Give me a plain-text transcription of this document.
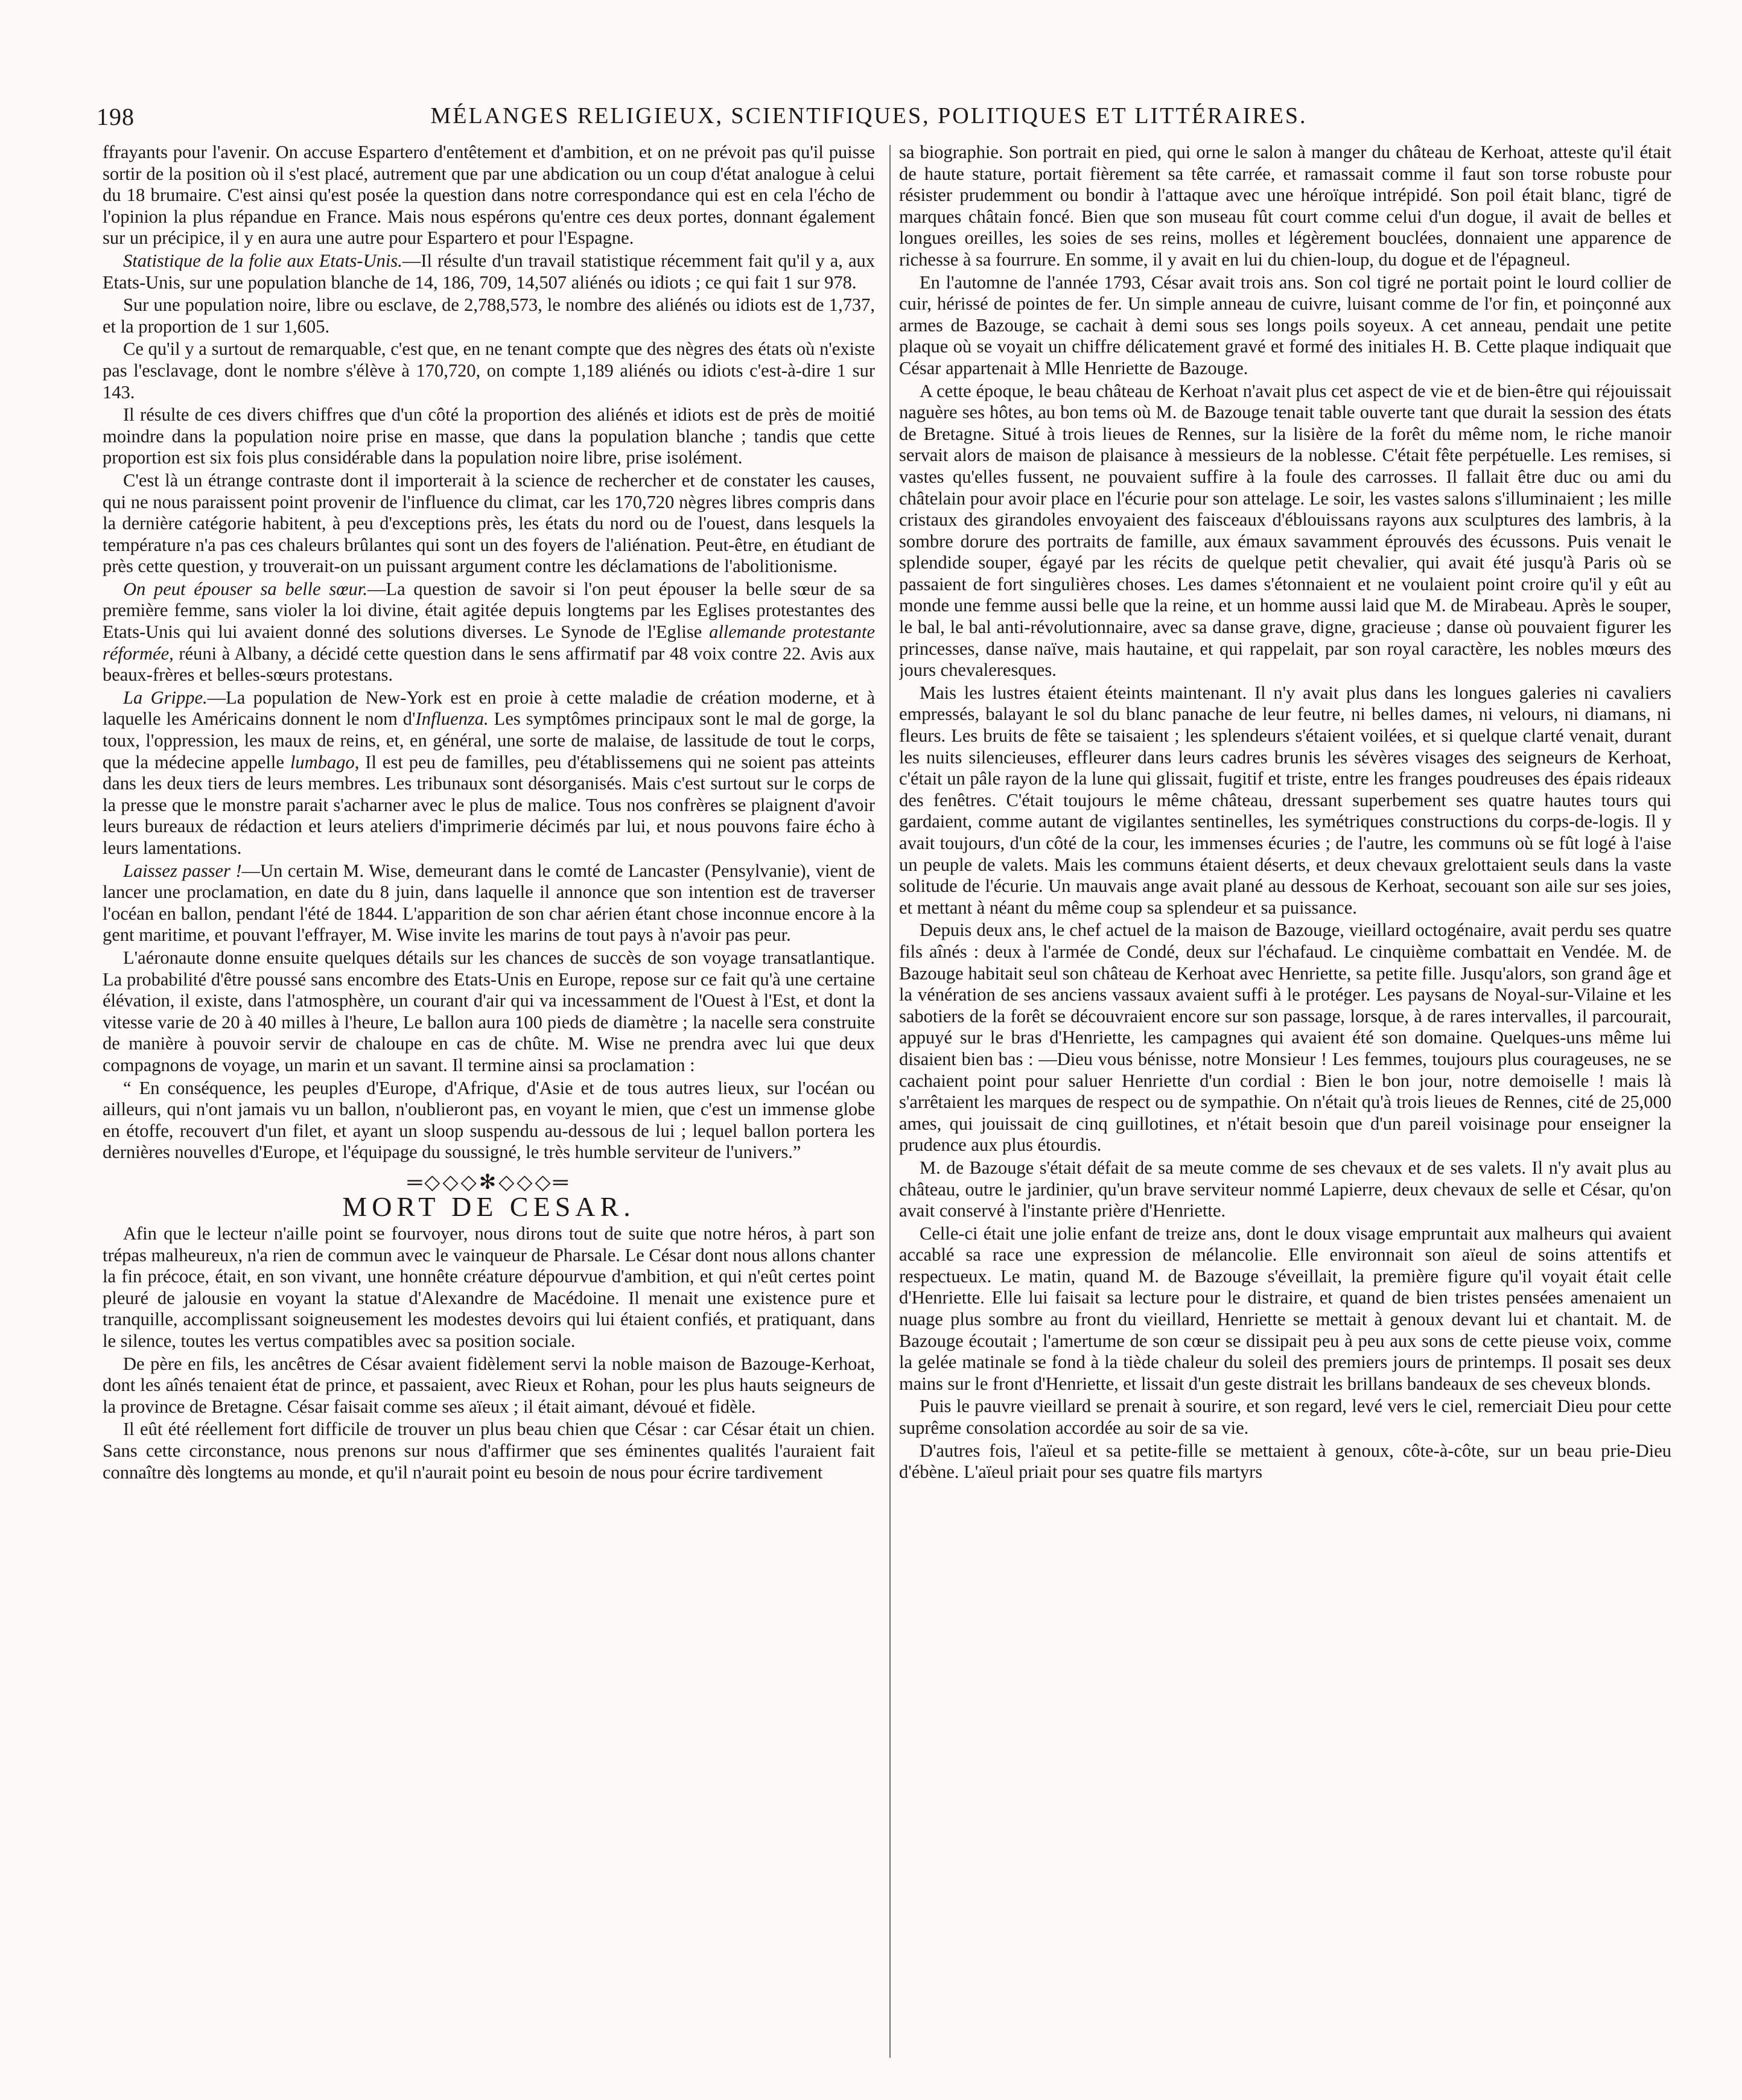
198	MÉLANGES RELIGIEUX, SCIENTIFIQUES, POLITIQUES ET LITTÉRAIRES.

ffrayants pour l'avenir. On accuse Espartero d'entêtement et d'ambition, et on ne prévoit pas qu'il puisse sortir de la position où il s'est placé, autrement que par une abdication ou un coup d'état analogue à celui du 18 brumaire. C'est ainsi qu'est posée la question dans notre correspondance qui est en cela l'écho de l'opinion la plus répandue en France. Mais nous espérons qu'entre ces deux portes, donnant également sur un précipice, il y en aura une autre pour Espartero et pour l'Espagne.

Statistique de la folie aux Etats-Unis.—Il résulte d'un travail statistique récemment fait qu'il y a, aux Etats-Unis, sur une population blanche de 14, 186, 709, 14,507 aliénés ou idiots ; ce qui fait 1 sur 978.

Sur une population noire, libre ou esclave, de 2,788,573, le nombre des aliénés ou idiots est de 1,737, et la proportion de 1 sur 1,605.

Ce qu'il y a surtout de remarquable, c'est que, en ne tenant compte que des nègres des états où n'existe pas l'esclavage, dont le nombre s'élève à 170,720, on compte 1,189 aliénés ou idiots c'est-à-dire 1 sur 143.

Il résulte de ces divers chiffres que d'un côté la proportion des aliénés et idiots est de près de moitié moindre dans la population noire prise en masse, que dans la population blanche ; tandis que cette proportion est six fois plus considérable dans la population noire libre, prise isolément.

C'est là un étrange contraste dont il importerait à la science de rechercher et de constater les causes, qui ne nous paraissent point provenir de l'influence du climat, car les 170,720 nègres libres compris dans la dernière catégorie habitent, à peu d'exceptions près, les états du nord ou de l'ouest, dans lesquels la température n'a pas ces chaleurs brûlantes qui sont un des foyers de l'aliénation. Peut-être, en étudiant de près cette question, y trouverait-on un puissant argument contre les déclamations de l'abolitionisme.

On peut épouser sa belle sœur.—La question de savoir si l'on peut épouser la belle sœur de sa première femme, sans violer la loi divine, était agitée depuis longtems par les Eglises protestantes des Etats-Unis qui lui avaient donné des solutions diverses. Le Synode de l'Eglise allemande protestante réformée, réuni à Albany, a décidé cette question dans le sens affirmatif par 48 voix contre 22. Avis aux beaux-frères et belles-sœurs protestans.

La Grippe.—La population de New-York est en proie à cette maladie de création moderne, et à laquelle les Américains donnent le nom d'Influenza. Les symptômes principaux sont le mal de gorge, la toux, l'oppression, les maux de reins, et, en général, une sorte de malaise, de lassitude de tout le corps, que la médecine appelle lumbago, Il est peu de familles, peu d'établissemens qui ne soient pas atteints dans les deux tiers de leurs membres. Les tribunaux sont désorganisés. Mais c'est surtout sur le corps de la presse que le monstre parait s'acharner avec le plus de malice. Tous nos confrères se plaignent d'avoir leurs bureaux de rédaction et leurs ateliers d'imprimerie décimés par lui, et nous pouvons faire écho à leurs lamentations.

Laissez passer !—Un certain M. Wise, demeurant dans le comté de Lancaster (Pensylvanie), vient de lancer une proclamation, en date du 8 juin, dans laquelle il annonce que son intention est de traverser l'océan en ballon, pendant l'été de 1844. L'apparition de son char aérien étant chose inconnue encore à la gent maritime, et pouvant l'effrayer, M. Wise invite les marins de tout pays à n'avoir pas peur.

L'aéronaute donne ensuite quelques détails sur les chances de succès de son voyage transatlantique. La probabilité d'être poussé sans encombre des Etats-Unis en Europe, repose sur ce fait qu'à une certaine élévation, il existe, dans l'atmosphère, un courant d'air qui va incessamment de l'Ouest à l'Est, et dont la vitesse varie de 20 à 40 milles à l'heure, Le ballon aura 100 pieds de diamètre ; la nacelle sera construite de manière à pouvoir servir de chaloupe en cas de chûte. M. Wise ne prendra avec lui que deux compagnons de voyage, un marin et un savant. Il termine ainsi sa proclamation :

“ En conséquence, les peuples d'Europe, d'Afrique, d'Asie et de tous autres lieux, sur l'océan ou ailleurs, qui n'ont jamais vu un ballon, n'oublieront pas, en voyant le mien, que c'est un immense globe en étoffe, recouvert d'un filet, et ayant un sloop suspendu au-dessous de lui ; lequel ballon portera les dernières nouvelles d'Europe, et l'équipage du soussigné, le très humble serviteur de l'univers.”

═◇◇◇✻◇◇◇═
MORT DE CESAR.

Afin que le lecteur n'aille point se fourvoyer, nous dirons tout de suite que notre héros, à part son trépas malheureux, n'a rien de commun avec le vainqueur de Pharsale. Le César dont nous allons chanter la fin précoce, était, en son vivant, une honnête créature dépourvue d'ambition, et qui n'eût certes point pleuré de jalousie en voyant la statue d'Alexandre de Macédoine. Il menait une existence pure et tranquille, accomplissant soigneusement les modestes devoirs qui lui étaient confiés, et pratiquant, dans le silence, toutes les vertus compatibles avec sa position sociale.

De père en fils, les ancêtres de César avaient fidèlement servi la noble maison de Bazouge-Kerhoat, dont les aînés tenaient état de prince, et passaient, avec Rieux et Rohan, pour les plus hauts seigneurs de la province de Bretagne. César faisait comme ses aïeux ; il était aimant, dévoué et fidèle.

Il eût été réellement fort difficile de trouver un plus beau chien que César : car César était un chien. Sans cette circonstance, nous prenons sur nous d'affirmer que ses éminentes qualités l'auraient fait connaître dès longtems au monde, et qu'il n'aurait point eu besoin de nous pour écrire tardivement

sa biographie. Son portrait en pied, qui orne le salon à manger du château de Kerhoat, atteste qu'il était de haute stature, portait fièrement sa tête carrée, et ramassait comme il faut son torse robuste pour résister prudemment ou bondir à l'attaque avec une héroïque intrépidé. Son poil était blanc, tigré de marques châtain foncé. Bien que son museau fût court comme celui d'un dogue, il avait de belles et longues oreilles, les soies de ses reins, molles et légèrement bouclées, donnaient une apparence de richesse à sa fourrure. En somme, il y avait en lui du chien-loup, du dogue et de l'épagneul.

En l'automne de l'année 1793, César avait trois ans. Son col tigré ne portait point le lourd collier de cuir, hérissé de pointes de fer. Un simple anneau de cuivre, luisant comme de l'or fin, et poinçonné aux armes de Bazouge, se cachait à demi sous ses longs poils soyeux. A cet anneau, pendait une petite plaque où se voyait un chiffre délicatement gravé et formé des initiales H. B. Cette plaque indiquait que César appartenait à Mlle Henriette de Bazouge.

A cette époque, le beau château de Kerhoat n'avait plus cet aspect de vie et de bien-être qui réjouissait naguère ses hôtes, au bon tems où M. de Bazouge tenait table ouverte tant que durait la session des états de Bretagne. Situé à trois lieues de Rennes, sur la lisière de la forêt du même nom, le riche manoir servait alors de maison de plaisance à messieurs de la noblesse. C'était fête perpétuelle. Les remises, si vastes qu'elles fussent, ne pouvaient suffire à la foule des carrosses. Il fallait être duc ou ami du châtelain pour avoir place en l'écurie pour son attelage. Le soir, les vastes salons s'illuminaient ; les mille cristaux des girandoles envoyaient des faisceaux d'éblouissans rayons aux sculptures des lambris, à la sombre dorure des portraits de famille, aux émaux savamment éprouvés des écussons. Puis venait le splendide souper, égayé par les récits de quelque petit chevalier, qui avait été jusqu'à Paris où se passaient de fort singulières choses. Les dames s'étonnaient et ne voulaient point croire qu'il y eût au monde une femme aussi belle que la reine, et un homme aussi laid que M. de Mirabeau. Après le souper, le bal, le bal anti-révolutionnaire, avec sa danse grave, digne, gracieuse ; danse où pouvaient figurer les princesses, danse naïve, mais hautaine, et qui rappelait, par son royal caractère, les nobles mœurs des jours chevaleresques.

Mais les lustres étaient éteints maintenant. Il n'y avait plus dans les longues galeries ni cavaliers empressés, balayant le sol du blanc panache de leur feutre, ni belles dames, ni velours, ni diamans, ni fleurs. Les bruits de fête se taisaient ; les splendeurs s'étaient voilées, et si quelque clarté venait, durant les nuits silencieuses, effleurer dans leurs cadres brunis les sévères visages des seigneurs de Kerhoat, c'était un pâle rayon de la lune qui glissait, fugitif et triste, entre les franges poudreuses des épais rideaux des fenêtres. C'était toujours le même château, dressant superbement ses quatre hautes tours qui gardaient, comme autant de vigilantes sentinelles, les symétriques constructions du corps-de-logis. Il y avait toujours, d'un côté de la cour, les immenses écuries ; de l'autre, les communs où se fût logé à l'aise un peuple de valets. Mais les communs étaient déserts, et deux chevaux grelottaient seuls dans la vaste solitude de l'écurie. Un mauvais ange avait plané au dessous de Kerhoat, secouant son aile sur ses joies, et mettant à néant du même coup sa splendeur et sa puissance.

Depuis deux ans, le chef actuel de la maison de Bazouge, vieillard octogénaire, avait perdu ses quatre fils aînés : deux à l'armée de Condé, deux sur l'échafaud. Le cinquième combattait en Vendée. M. de Bazouge habitait seul son château de Kerhoat avec Henriette, sa petite fille. Jusqu'alors, son grand âge et la vénération de ses anciens vassaux avaient suffi à le protéger. Les paysans de Noyal-sur-Vilaine et les sabotiers de la forêt se découvraient encore sur son passage, lorsque, à de rares intervalles, il parcourait, appuyé sur le bras d'Henriette, les campagnes qui avaient été son domaine. Quelques-uns même lui disaient bien bas : —Dieu vous bénisse, notre Monsieur ! Les femmes, toujours plus courageuses, ne se cachaient point pour saluer Henriette d'un cordial : Bien le bon jour, notre demoiselle ! mais là s'arrêtaient les marques de respect ou de sympathie. On n'était qu'à trois lieues de Rennes, cité de 25,000 ames, qui jouissait de cinq guillotines, et n'était besoin que d'un pareil voisinage pour enseigner la prudence aux plus étourdis.

M. de Bazouge s'était défait de sa meute comme de ses chevaux et de ses valets. Il n'y avait plus au château, outre le jardinier, qu'un brave serviteur nommé Lapierre, deux chevaux de selle et César, qu'on avait conservé à l'instante prière d'Henriette.

Celle-ci était une jolie enfant de treize ans, dont le doux visage empruntait aux malheurs qui avaient accablé sa race une expression de mélancolie. Elle environnait son aïeul de soins attentifs et respectueux. Le matin, quand M. de Bazouge s'éveillait, la première figure qu'il voyait était celle d'Henriette. Elle lui faisait sa lecture pour le distraire, et quand de bien tristes pensées amenaient un nuage plus sombre au front du vieillard, Henriette se mettait à genoux devant lui et chantait. M. de Bazouge écoutait ; l'amertume de son cœur se dissipait peu à peu aux sons de cette pieuse voix, comme la gelée matinale se fond à la tiède chaleur du soleil des premiers jours de printemps. Il posait ses deux mains sur le front d'Henriette, et lissait d'un geste distrait les brillans bandeaux de ses cheveux blonds.

Puis le pauvre vieillard se prenait à sourire, et son regard, levé vers le ciel, remerciait Dieu pour cette suprême consolation accordée au soir de sa vie.

D'autres fois, l'aïeul et sa petite-fille se mettaient à genoux, côte-à-côte, sur un beau prie-Dieu d'ébène. L'aïeul priait pour ses quatre fils martyrs
